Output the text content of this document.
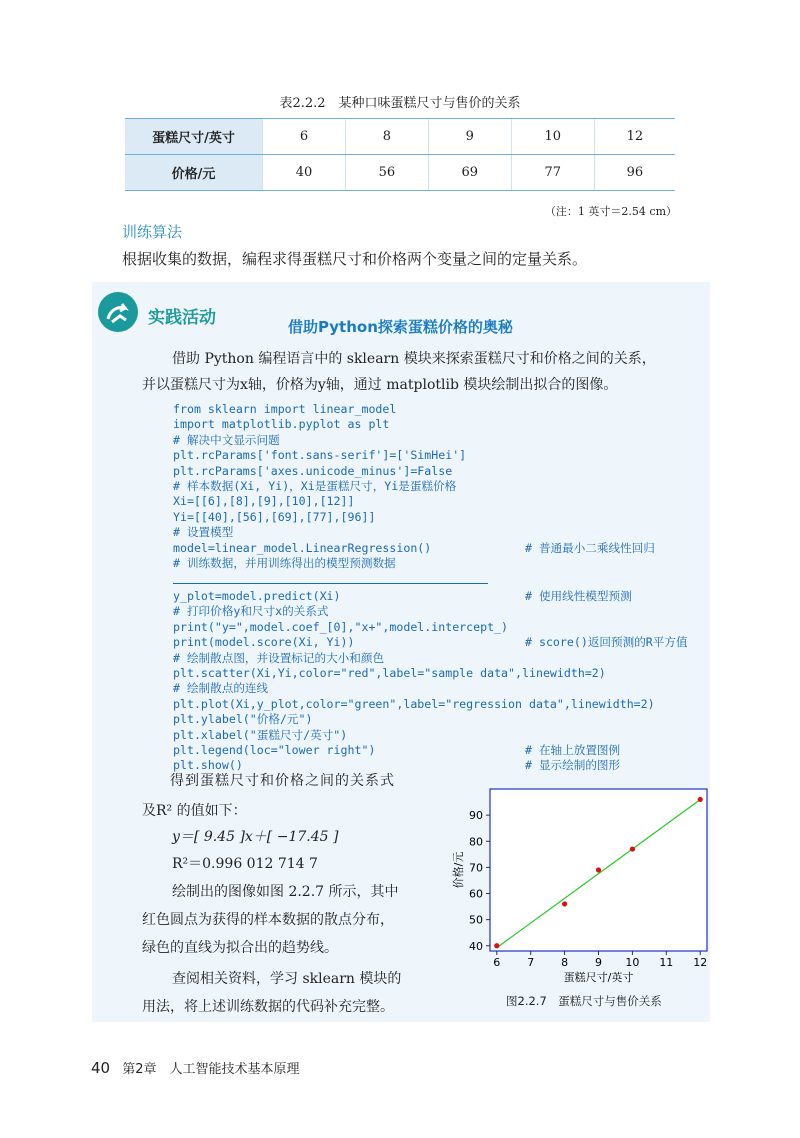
表2.2.2　某种口味蛋糕尺寸与售价的关系
蛋糕尺寸/英寸	6	8	9	10	12
价格/元	40	56	69	77	96
（注：1 英寸＝2.54 cm）
训练算法
根据收集的数据，编程求得蛋糕尺寸和价格两个变量之间的定量关系。
实践活动	借助Python探索蛋糕价格的奥秘
借助 Python 编程语言中的 sklearn 模块来探索蛋糕尺寸和价格之间的关系，
并以蛋糕尺寸为x轴，价格为y轴，通过 matplotlib 模块绘制出拟合的图像。
from sklearn import linear_model
import matplotlib.pyplot as plt
# 解决中文显示问题
plt.rcParams['font.sans-serif']=['SimHei']
plt.rcParams['axes.unicode_minus']=False
# 样本数据(Xi, Yi)，Xi是蛋糕尺寸，Yi是蛋糕价格
Xi=[[6],[8],[9],[10],[12]]
Yi=[[40],[56],[69],[77],[96]]
# 设置模型
model=linear_model.LinearRegression()	# 普通最小二乘线性回归
# 训练数据，并用训练得出的模型预测数据
y_plot=model.predict(Xi)	# 使用线性模型预测
# 打印价格y和尺寸x的关系式
print("y=",model.coef_[0],"x+",model.intercept_)
print(model.score(Xi, Yi))	# score()返回预测的R平方值
# 绘制散点图，并设置标记的大小和颜色
plt.scatter(Xi,Yi,color="red",label="sample data",linewidth=2)
# 绘制散点的连线
plt.plot(Xi,y_plot,color="green",label="regression data",linewidth=2)
plt.ylabel("价格/元")
plt.xlabel("蛋糕尺寸/英寸")
plt.legend(loc="lower right")	# 在轴上放置图例
plt.show()	# 显示绘制的图形
得到蛋糕尺寸和价格之间的关系式
及R² 的值如下：
y＝[ 9.45 ]x＋[ −17.45 ]
R²＝0.996 012 714 7
绘制出的图像如图 2.2.7 所示，其中
红色圆点为获得的样本数据的散点分布，
绿色的直线为拟合出的趋势线。
查阅相关资料，学习 sklearn 模块的
用法，将上述训练数据的代码补充完整。
6 7 8 9 10 11 12
40
50
60
70
80
90
蛋糕尺寸/英寸
价格/元
图2.2.7　蛋糕尺寸与售价关系
40 第2章　人工智能技术基本原理
